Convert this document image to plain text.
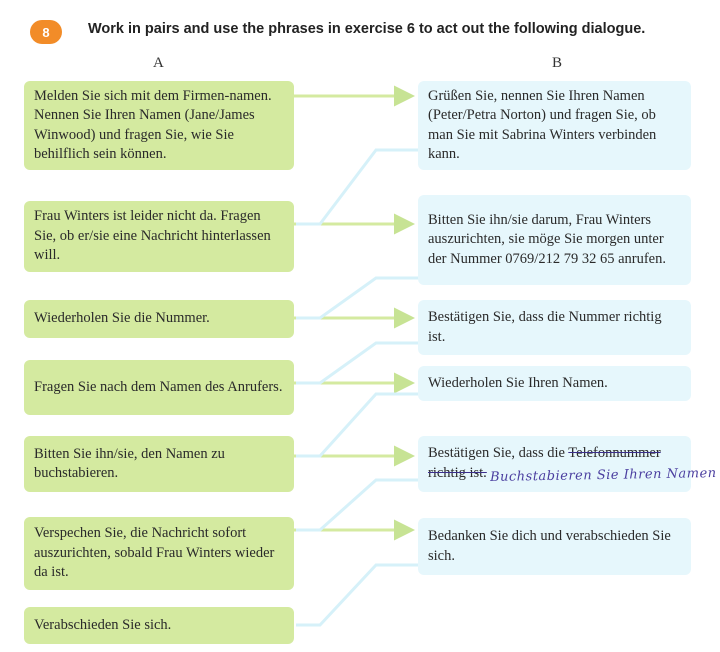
8	Work in pairs and use the phrases in exercise 6 to act out the following dialogue.
A	B
Melden Sie sich mit dem Firmen-namen. Nennen Sie Ihren Namen (Jane/James Winwood) und fragen Sie, wie Sie behilflich sein können.
Frau Winters ist leider nicht da. Fragen Sie, ob er/sie eine Nachricht hinterlassen will.
Wiederholen Sie die Nummer.
Fragen Sie nach dem Namen des Anrufers.
Bitten Sie ihn/sie, den Namen zu buchstabieren.
Verspechen Sie, die Nachricht sofort auszurichten, sobald Frau Winters wieder da ist.
Verabschieden Sie sich.
Grüßen Sie, nennen Sie Ihren Namen (Peter/Petra Norton) und fragen Sie, ob man Sie mit Sabrina Winters verbinden kann.
Bitten Sie ihn/sie darum, Frau Winters auszurichten, sie möge Sie morgen unter der Nummer 0769/212 79 32 65 anrufen.
Bestätigen Sie, dass die Nummer richtig ist.
Wiederholen Sie Ihren Namen.
Bestätigen Sie, dass die Telefonnummer
richtig ist.
Bedanken Sie dich und verabschieden Sie sich.
Buchstabieren Sie Ihren Namen
